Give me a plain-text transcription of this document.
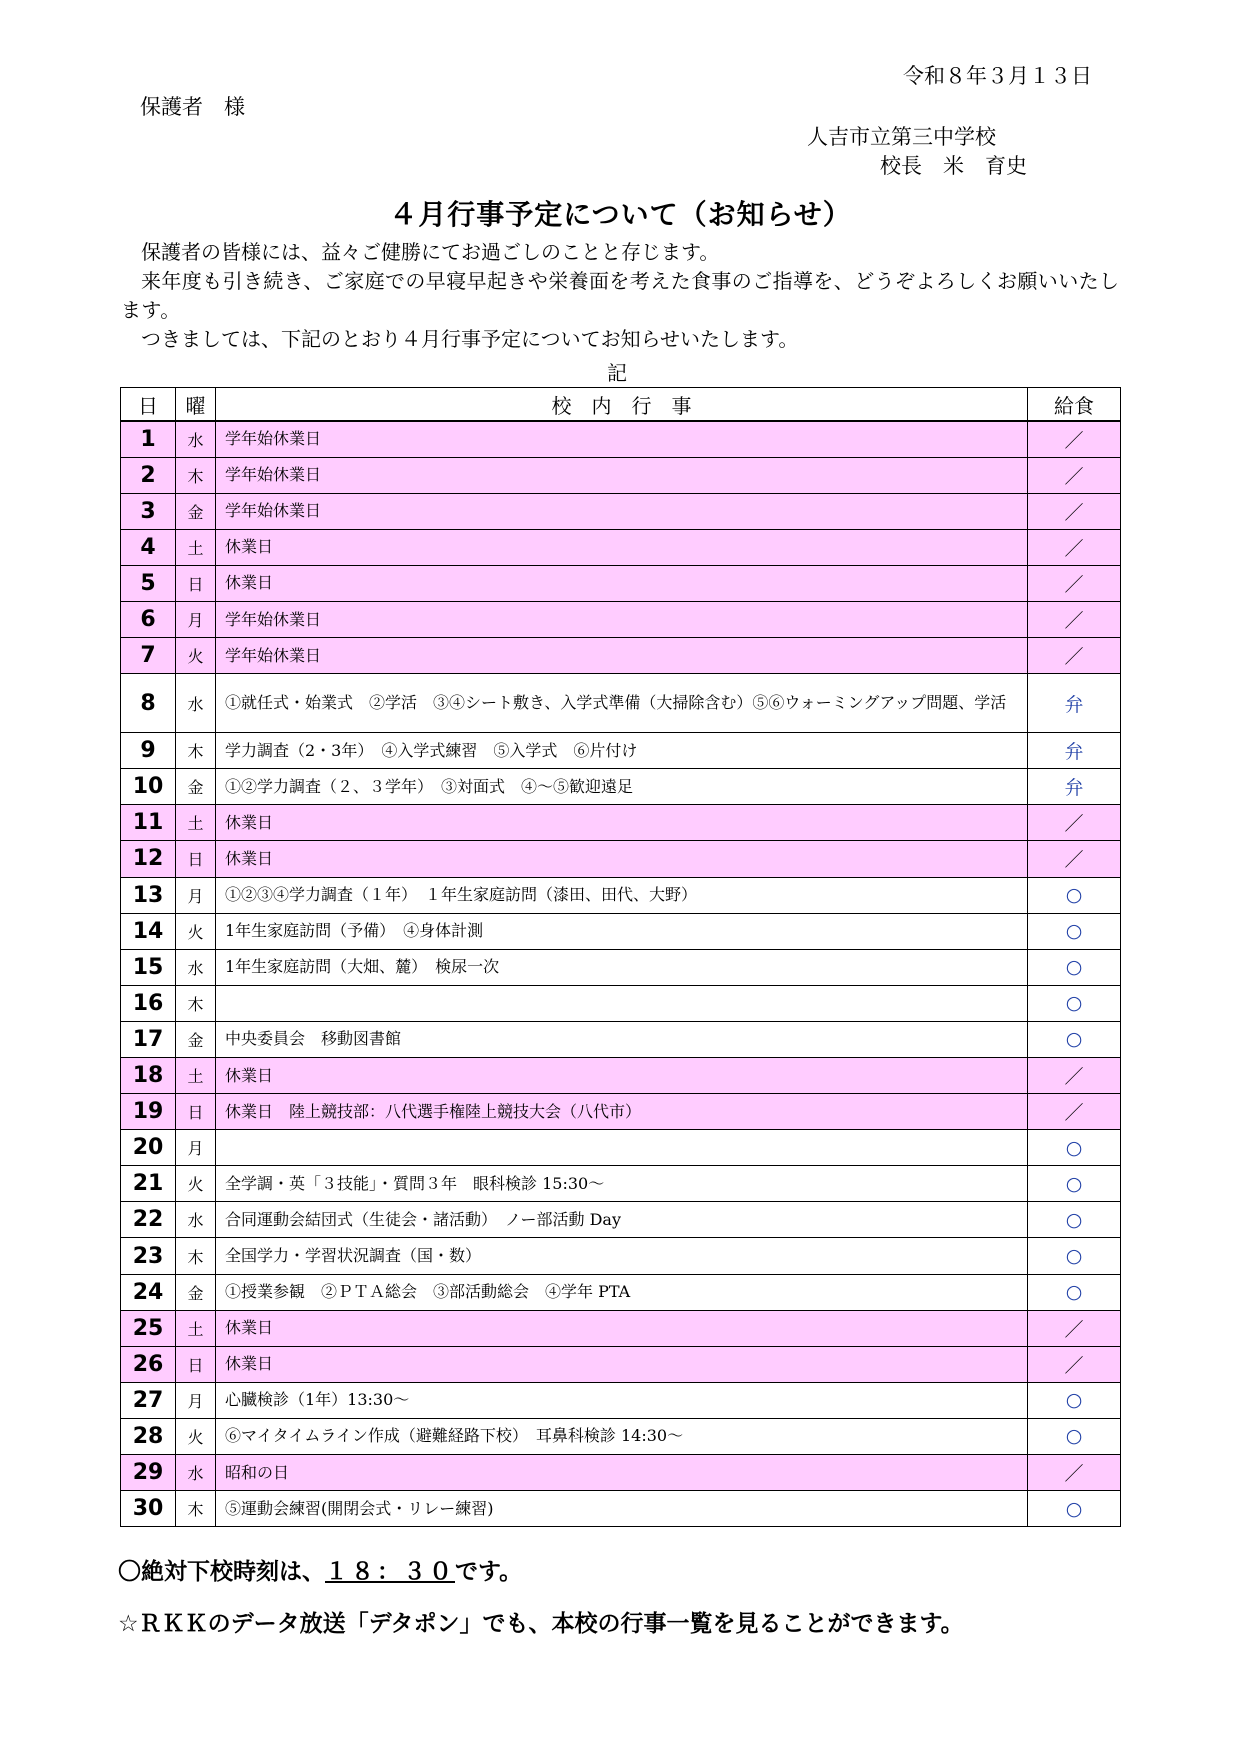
令和８年３月１３日
保護者　様
人吉市立第三中学校
校長　米　育史
４月行事予定について（お知らせ）
保護者の皆様には、益々ご健勝にてお過ごしのことと存じます。
来年度も引き続き、ご家庭での早寝早起きや栄養面を考えた食事のご指導を、どうぞよろしくお願いいたします。
つきましては、下記のとおり４月行事予定についてお知らせいたします。
記
日	曜	校　内　行　事	給食
1	水	学年始休業日	／
2	木	学年始休業日	／
3	金	学年始休業日	／
4	土	休業日	／
5	日	休業日	／
6	月	学年始休業日	／
7	火	学年始休業日	／
8	水	①就任式・始業式　②学活　③④シート敷き、入学式準備（大掃除含む）⑤⑥ウォーミングアップ問題、学活	弁
9	木	学力調査（2・3年）　④入学式練習　⑤入学式　⑥片付け	弁
10	金	①②学力調査（２、３学年）　③対面式　④～⑤歓迎遠足	弁
11	土	休業日	／
12	日	休業日	／
13	月	①②③④学力調査（１年）　１年生家庭訪問（漆田、田代、大野）	○
14	火	1年生家庭訪問（予備）　④身体計測	○
15	水	1年生家庭訪問（大畑、麓）　検尿一次	○
16	木		○
17	金	中央委員会　移動図書館	○
18	土	休業日	／
19	日	休業日　陸上競技部：八代選手権陸上競技大会（八代市）	／
20	月		○
21	火	全学調・英「３技能」・質問３年　眼科検診 15:30～	○
22	水	合同運動会結団式（生徒会・諸活動）　ノー部活動 Day	○
23	木	全国学力・学習状況調査（国・数）	○
24	金	①授業参観　②ＰＴＡ総会　③部活動総会　④学年 PTA	○
25	土	休業日	／
26	日	休業日	／
27	月	心臓検診（1年）13:30～	○
28	火	⑥マイタイムライン作成（避難経路下校）　耳鼻科検診 14:30～	○
29	水	昭和の日	／
30	木	⑤運動会練習(開閉会式・リレー練習)	○
〇絶対下校時刻は、１８：３０です。
☆ＲＫＫのデータ放送「デタポン」でも、本校の行事一覧を見ることができます。
